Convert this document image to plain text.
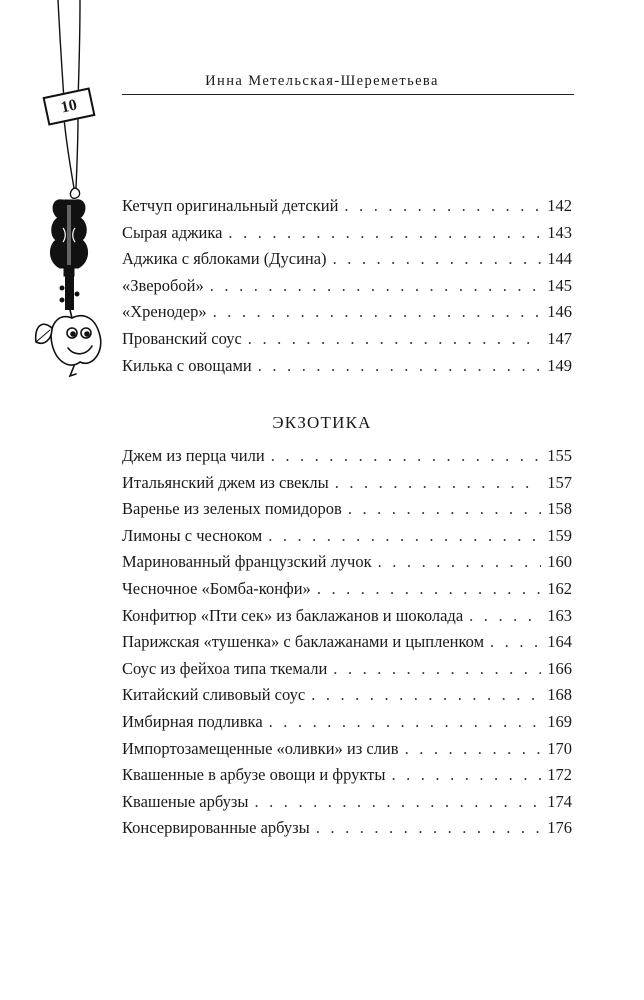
Инна Метельская-Шереметьева
10
Кетчуп оригинальный детский . . .	142
Сырая аджика . . .	143
Аджика с яблоками (Дусина) . . .	144
«Зверобой» . . .	145
«Хренодер» . . .	146
Прованский соус . . .	147
Килька с овощами . . .	149
ЭКЗОТИКА
Джем из перца чили . . .	155
Итальянский джем из свеклы . . .	157
Варенье из зеленых помидоров . . .	158
Лимоны с чесноком . . .	159
Маринованный французский лучок . . .	160
Чесночное «Бомба-конфи» . . .	162
Конфитюр «Пти сек» из баклажанов и шоколада . . .	163
Парижская «тушенка» с баклажанами и цыпленком . . .	164
Соус из фейхоа типа ткемали . . .	166
Китайский сливовый соус . . .	168
Имбирная подливка . . .	169
Импортозамещенные «оливки» из слив . . .	170
Квашенные в арбузе овощи и фрукты . . .	172
Квашеные арбузы . . .	174
Консервированные арбузы . . .	176
